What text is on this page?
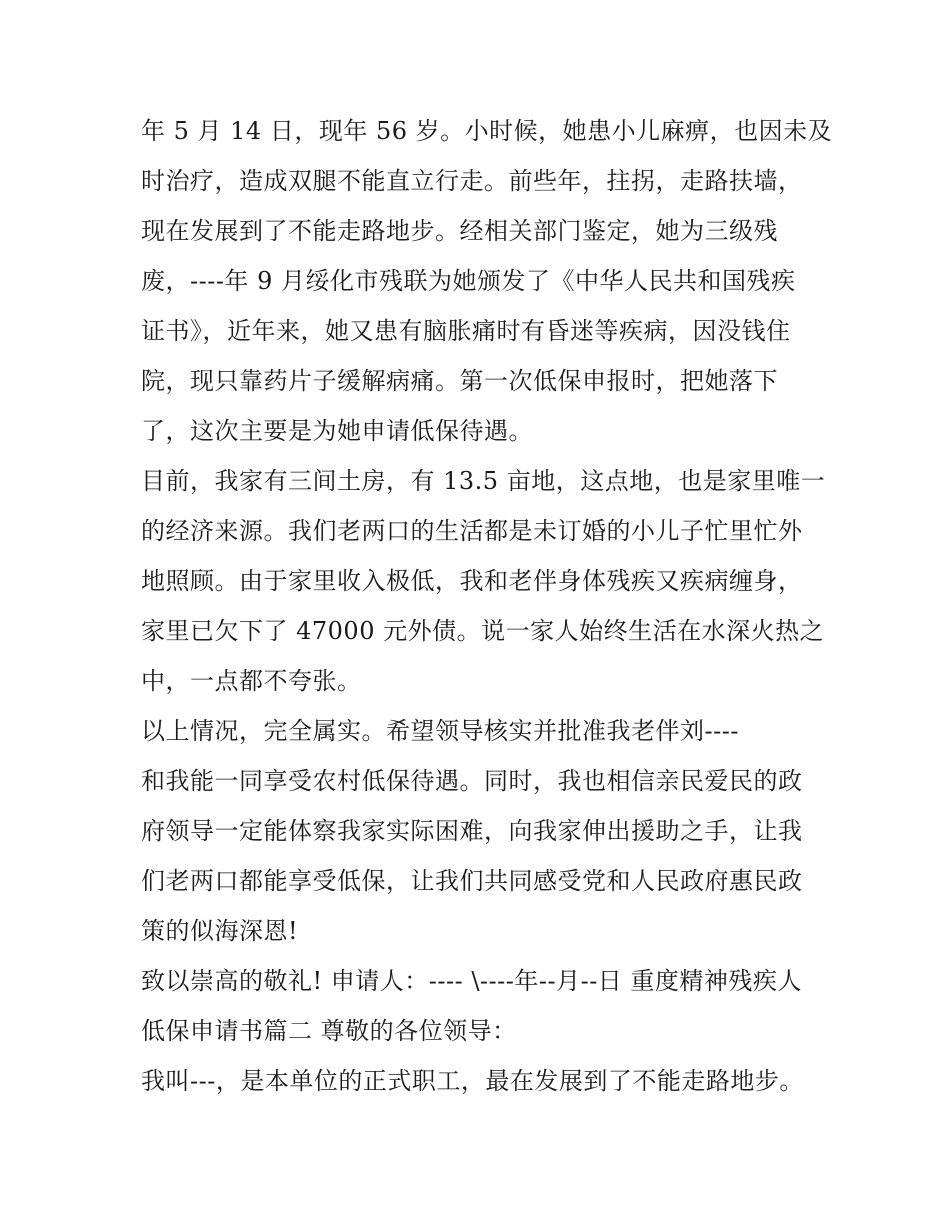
年 5 月 14 日，现年 56 岁。小时候，她患小儿麻痹，也因未及
时治疗，造成双腿不能直立行走。前些年，拄拐，走路扶墙，
现在发展到了不能走路地步。经相关部门鉴定，她为三级残
废，----年 9 月绥化市残联为她颁发了《中华人民共和国残疾
证书》，近年来，她又患有脑胀痛时有昏迷等疾病，因没钱住
院，现只靠药片子缓解病痛。第一次低保申报时，把她落下
了，这次主要是为她申请低保待遇。
目前，我家有三间土房，有 13.5 亩地，这点地，也是家里唯一
的经济来源。我们老两口的生活都是未订婚的小儿子忙里忙外
地照顾。由于家里收入极低，我和老伴身体残疾又疾病缠身，
家里已欠下了 47000 元外债。说一家人始终生活在水深火热之
中，一点都不夸张。
以上情况，完全属实。希望领导核实并批准我老伴刘----
和我能一同享受农村低保待遇。同时，我也相信亲民爱民的政
府领导一定能体察我家实际困难，向我家伸出援助之手，让我
们老两口都能享受低保，让我们共同感受党和人民政府惠民政
策的似海深恩!
致以崇高的敬礼! 申请人：---- \----年--月--日 重度精神残疾人
低保申请书篇二 尊敬的各位领导：
我叫---，是本单位的正式职工，最在发展到了不能走路地步。
